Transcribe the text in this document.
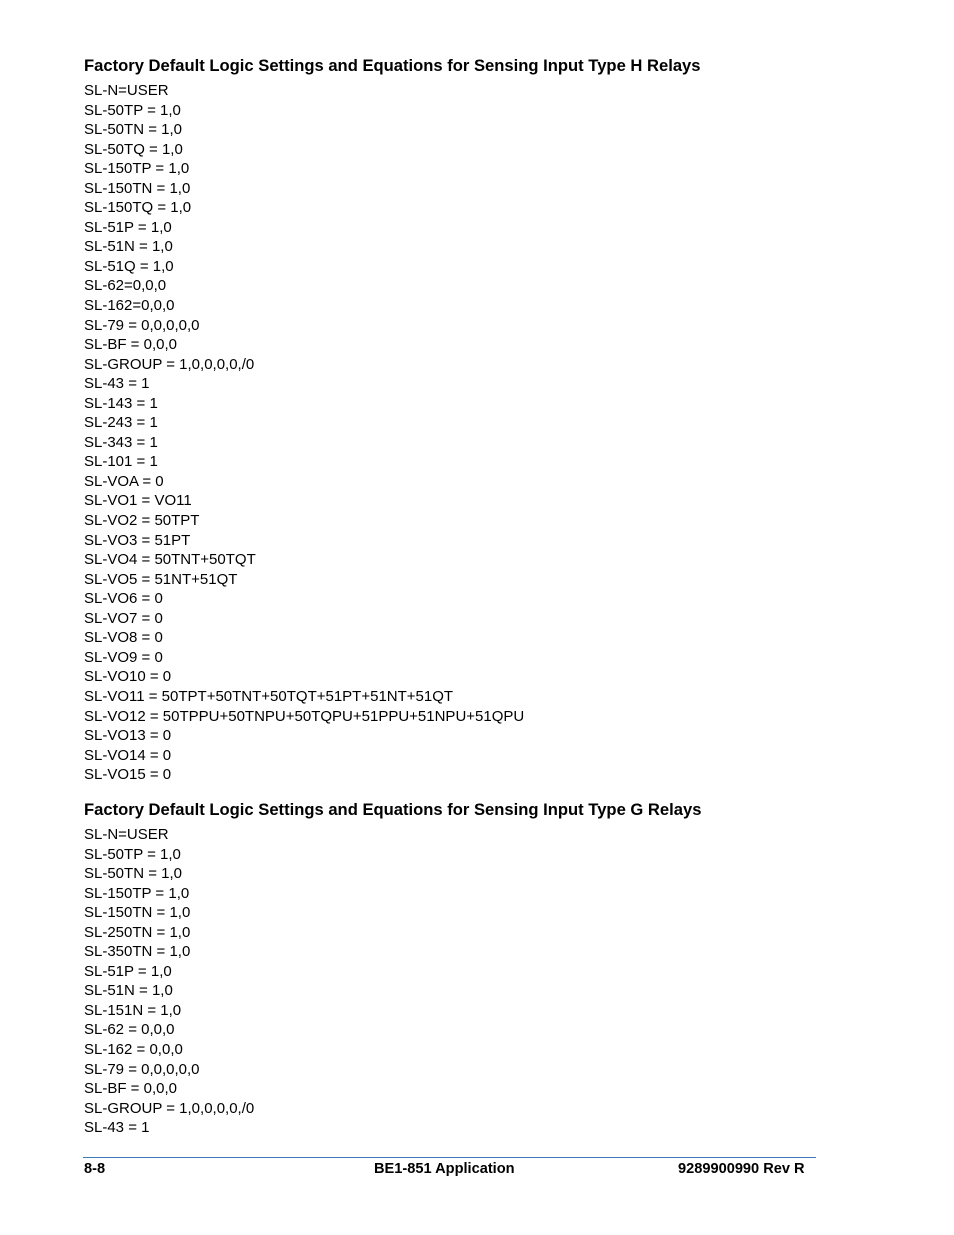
Factory Default Logic Settings and Equations for Sensing Input Type H Relays
SL-N=USER
SL-50TP = 1,0
SL-50TN = 1,0
SL-50TQ = 1,0
SL-150TP = 1,0
SL-150TN = 1,0
SL-150TQ = 1,0
SL-51P = 1,0
SL-51N = 1,0
SL-51Q = 1,0
SL-62=0,0,0
SL-162=0,0,0
SL-79 = 0,0,0,0,0
SL-BF = 0,0,0
SL-GROUP = 1,0,0,0,0,/0
SL-43 = 1
SL-143 = 1
SL-243 = 1
SL-343 = 1
SL-101 = 1
SL-VOA = 0
SL-VO1 = VO11
SL-VO2 = 50TPT
SL-VO3 = 51PT
SL-VO4 = 50TNT+50TQT
SL-VO5 = 51NT+51QT
SL-VO6 = 0
SL-VO7 = 0
SL-VO8 = 0
SL-VO9 = 0
SL-VO10 = 0
SL-VO11 = 50TPT+50TNT+50TQT+51PT+51NT+51QT
SL-VO12 = 50TPPU+50TNPU+50TQPU+51PPU+51NPU+51QPU
SL-VO13 = 0
SL-VO14 = 0
SL-VO15 = 0
Factory Default Logic Settings and Equations for Sensing Input Type G Relays
SL-N=USER
SL-50TP = 1,0
SL-50TN = 1,0
SL-150TP = 1,0
SL-150TN = 1,0
SL-250TN = 1,0
SL-350TN = 1,0
SL-51P = 1,0
SL-51N = 1,0
SL-151N = 1,0
SL-62 = 0,0,0
SL-162 = 0,0,0
SL-79 = 0,0,0,0,0
SL-BF = 0,0,0
SL-GROUP = 1,0,0,0,0,/0
SL-43 = 1
8-8	BE1-851 Application	9289900990 Rev R
